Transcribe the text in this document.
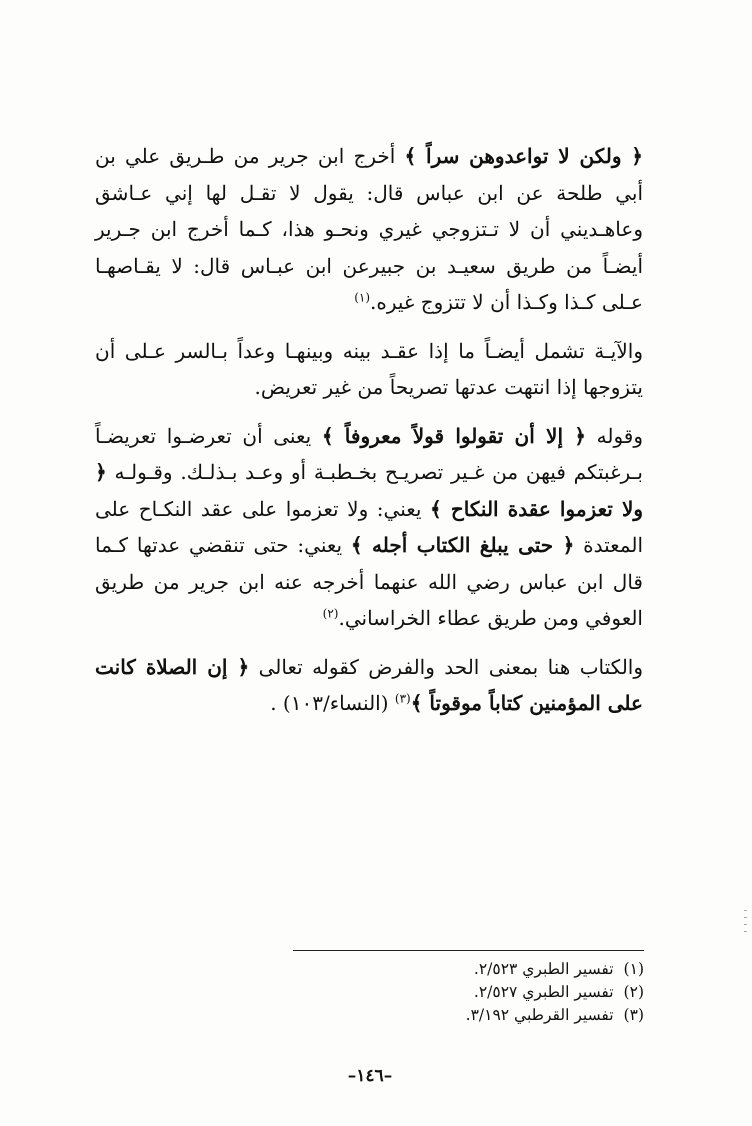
﴿ ولكن لا تواعدوهن سراً ﴾ أخرج ابن جرير من طـريق علي بن أبي طلحة عن ابن عباس قال: يقول لا تقـل لها إني عـاشق وعاهـديني أن لا تـتزوجي غيري ونحـو هذا، كـما أخرج ابن جـرير أيضـاً من طريق سعيـد بن جبيرعن ابن عبـاس قال: لا يقـاصهـا عـلى كـذا وكـذا أن لا تتزوج غيره.$^{(١)}$

والآيـة تشمل أيضـاً ما إذا عقـد بينه وبينهـا وعداً بـالسر عـلى أن يتزوجها إذا انتهت عدتها تصريحاً من غير تعريض.

وقوله ﴿ إلا أن تقولوا قولاً معروفاً ﴾ يعنى أن تعرضـوا تعريضـاً بـرغبتكم فيهن من غـير تصريـح بخـطبـة أو وعـد بـذلـك. وقـولـه ﴿ ولا تعزموا عقدة النكاح ﴾ يعني: ولا تعزموا على عقد النكـاح على المعتدة ﴿ حتى يبلغ الكتاب أجله ﴾ يعني: حتى تنقضي عدتها كـما قال ابن عباس رضي الله عنهما أخرجه عنه ابن جرير من طريق العوفي ومن طريق عطاء الخراساني.$^{(٢)}$

والكتاب هنا بمعنى الحد والفرض كقوله تعالى ﴿ إن الصلاة كانت على المؤمنين كتاباً موقوتاً ﴾$^{(٣)}$ (النساء/١٠٣) .

(١)تفسير الطبري ٢/٥٢٣.
(٢)تفسير الطبري ٢/٥٢٧.
(٣)تفسير القرطبي ٣/١٩٢.
–١٤٦–
